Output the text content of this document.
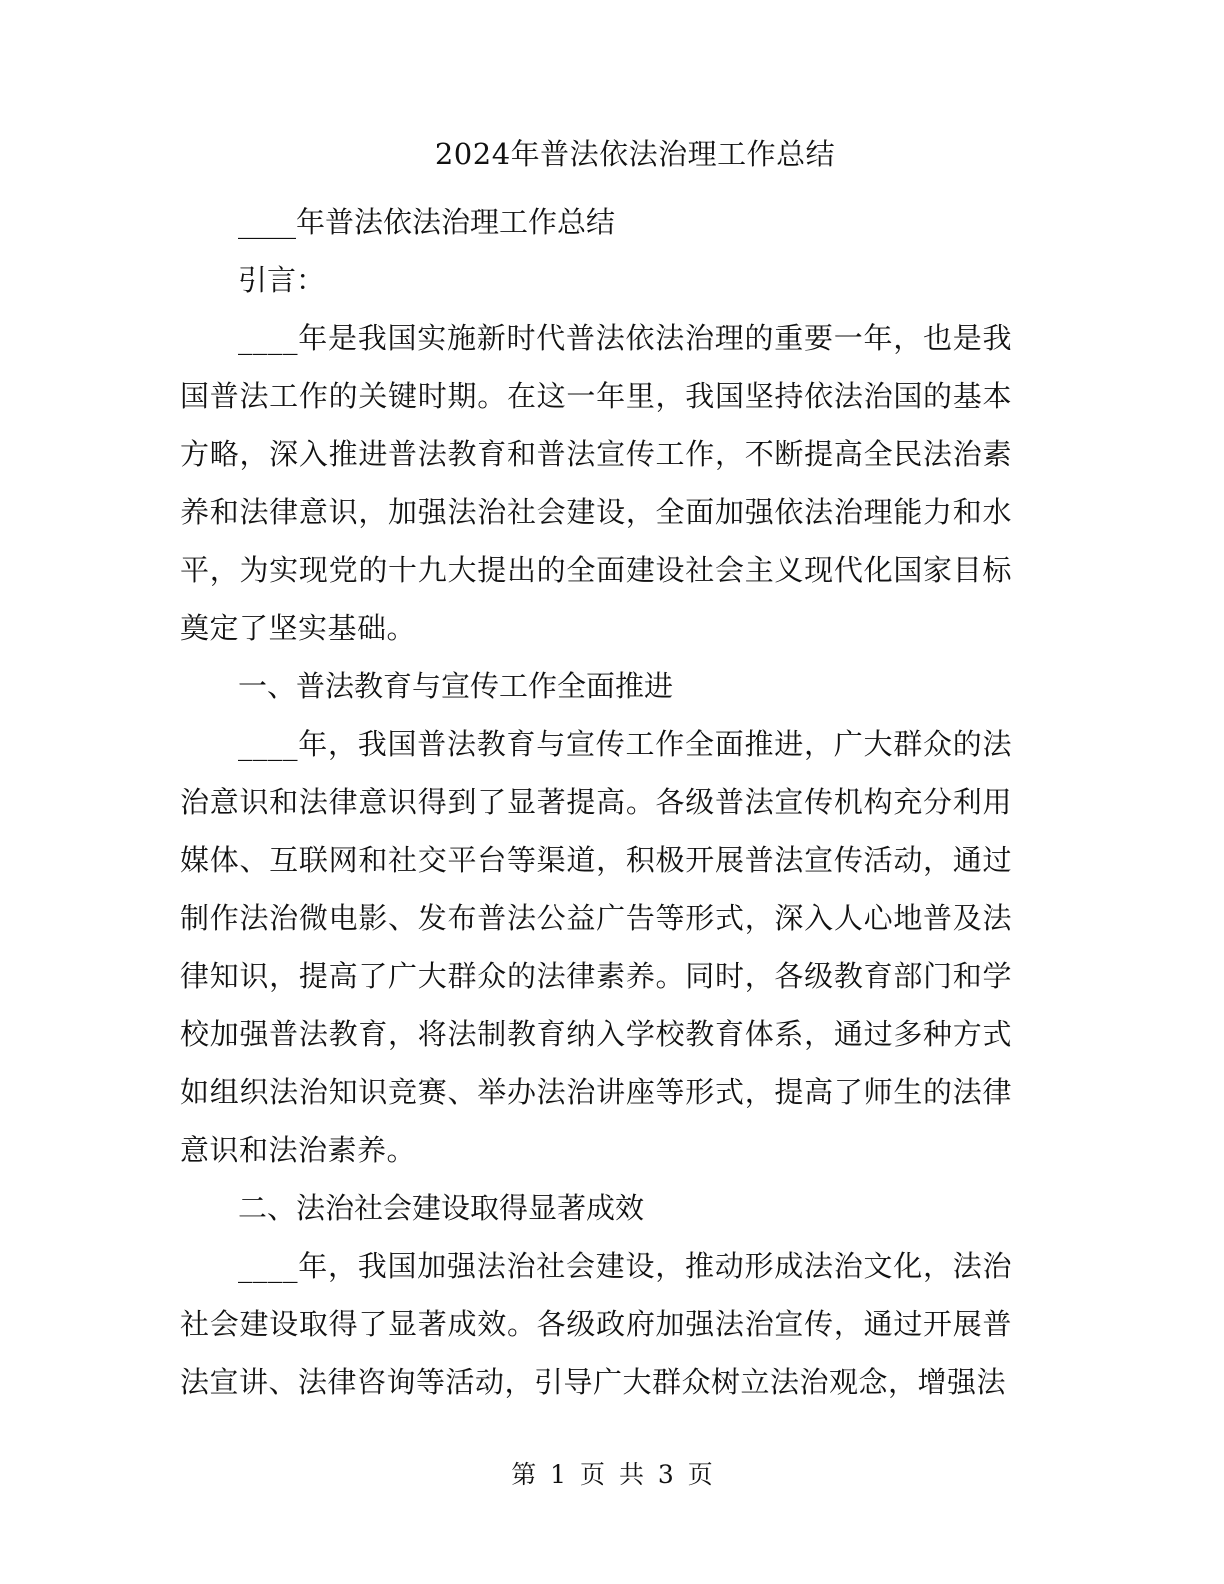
2024年普法依法治理工作总结

____年普法依法治理工作总结

引言：

____年是我国实施新时代普法依法治理的重要一年，也是我国普法工作的关键时期。在这一年里，我国坚持依法治国的基本方略，深入推进普法教育和普法宣传工作，不断提高全民法治素养和法律意识，加强法治社会建设，全面加强依法治理能力和水平，为实现党的十九大提出的全面建设社会主义现代化国家目标奠定了坚实基础。

一、普法教育与宣传工作全面推进

____年，我国普法教育与宣传工作全面推进，广大群众的法治意识和法律意识得到了显著提高。各级普法宣传机构充分利用媒体、互联网和社交平台等渠道，积极开展普法宣传活动，通过制作法治微电影、发布普法公益广告等形式，深入人心地普及法律知识，提高了广大群众的法律素养。同时，各级教育部门和学校加强普法教育，将法制教育纳入学校教育体系，通过多种方式如组织法治知识竞赛、举办法治讲座等形式，提高了师生的法律意识和法治素养。

二、法治社会建设取得显著成效

____年，我国加强法治社会建设，推动形成法治文化，法治社会建设取得了显著成效。各级政府加强法治宣传，通过开展普法宣讲、法律咨询等活动，引导广大群众树立法治观念，增强法

第 1 页 共 3 页
